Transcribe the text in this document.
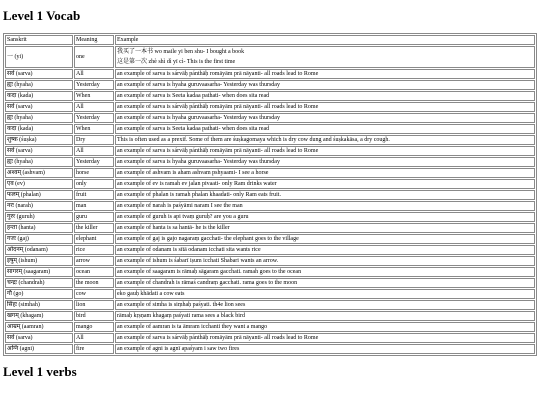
Level 1 Vocab
Sanskrit	Meaning	Example
一 (yi)	one	我买了一本书 wo maile yi ben shu- I bought a book
这是第一次 zhè shì dì yī cì- This is the first time

सर्व (sarva)	All	an example of sarva is sárvāḥ pánthāḥ romāyām prā nāyanti- all roads lead to Rome

ह्यः (hyaha)	Yesterday	an example of sarva is hyaha guruvaasarha- Yesterday was thursday

कदा (kada)	When	an example of sarva is Seeta kadaa pathati- when does sita read

सर्व (sarva)	All	an example of sarva is sárvāḥ pánthāḥ romāyām prā nāyanti- all roads lead to Rome

ह्यः (hyaha)	Yesterday	an example of sarva is hyaha guruvaasarha- Yesterday was thursday

कदा (kada)	When	an example of sarva is Seeta kadaa pathati- when does sita read

शुष्क (śuṣka)	Dry	This is often used as a prexif. Some of them are śuṣkagomaya which is dry cow dung and śuṣkakāsa, a dry cough.

सर्व (sarva)	All	an example of sarva is sárvāḥ pánthāḥ romāyām prā nāyanti- all roads lead to Rome

ह्यः (hyaha)	Yesterday	an example of sarva is hyaha guruvaasarha- Yesterday was thursday

अश्वम् (ashvam)	horse	an example of ashvam is aham ashvam pshyaami- I see a horse

एव (ev)	only	an example of ev is ramah ev jalan pivaati- only Ram drinks water

फलम् (phalan)	fruit	an example of phalan is ramah phalan khaadati- only Ram eats fruit.

नरः (narah)	man	an example of narah is paśyāmi naram I see the man

गुरुः (guruh)	guru	an example of guruh is api tvaṃ guruḥ? are you a guru

हन्ता (hanta)	the killer	an example of hanta is sa hantā- he is the killer

गजः (gaj)	elephant	an example of gaj is gajo nagaraṃ gacchati- the elephant goes to the village

ओदनम् (odanam)	rice	an example of odanam is sītā odanam icchati sita wants rice

इषुम् (ishum)	arrow	an example of ishum is śabarī iṣum icchati Shabari wants an arrow.

सागरम् (saagaram)	ocean	an example of saagaram is rāmaḥ sāgaram gacchati. ramah goes to the ocean

चन्द्रः (chandrah)	the moon	an example of chandrah is rāmaś candraṃ gacchati. rama goes to the moon

गौ (go)	cow	eko gauḥ khādati a cow eats

सिंहः (simhah)	lion	an example of simha is siṃhaḥ paśyati. th4e lion sees

खगम् (khagam)	bird	rāmaḥ kṛṣṇam khagaṃ paśyati rama sees a black bird

आम्रम् (aamran)	mango	an example of aamran is ta āmram icchanti they want a mango

सर्व (sarva)	All	an example of sarva is sárvāḥ pánthāḥ romāyām prā nāyanti- all roads lead to Rome

अग्नि (agni)	fire	an example of agni is agnī apaśyam i saw two fires
Level 1 verbs
